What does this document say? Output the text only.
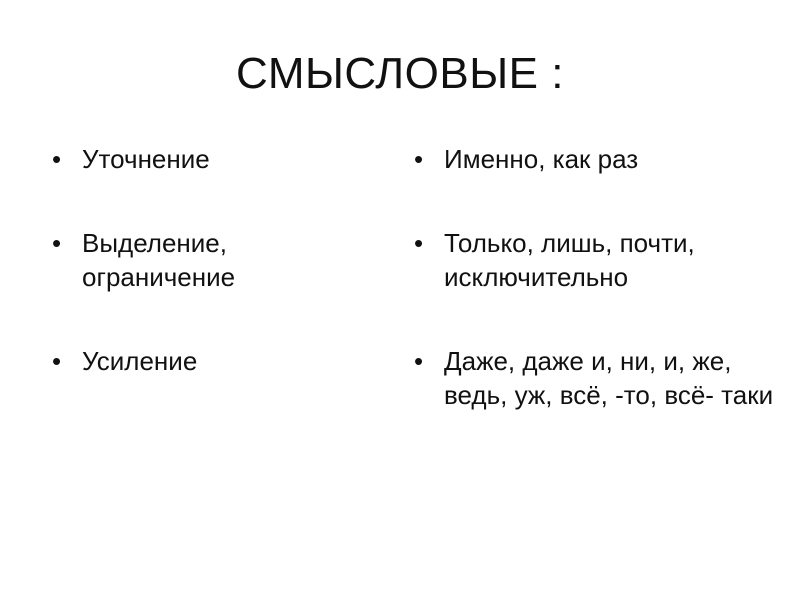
СМЫСЛОВЫЕ :
• Уточнение
• Выделение, ограничение
• Усиление
• Именно, как раз
• Только, лишь, почти, исключительно
• Даже, даже и, ни, и, же, ведь, уж, всё, -то, всё- таки
